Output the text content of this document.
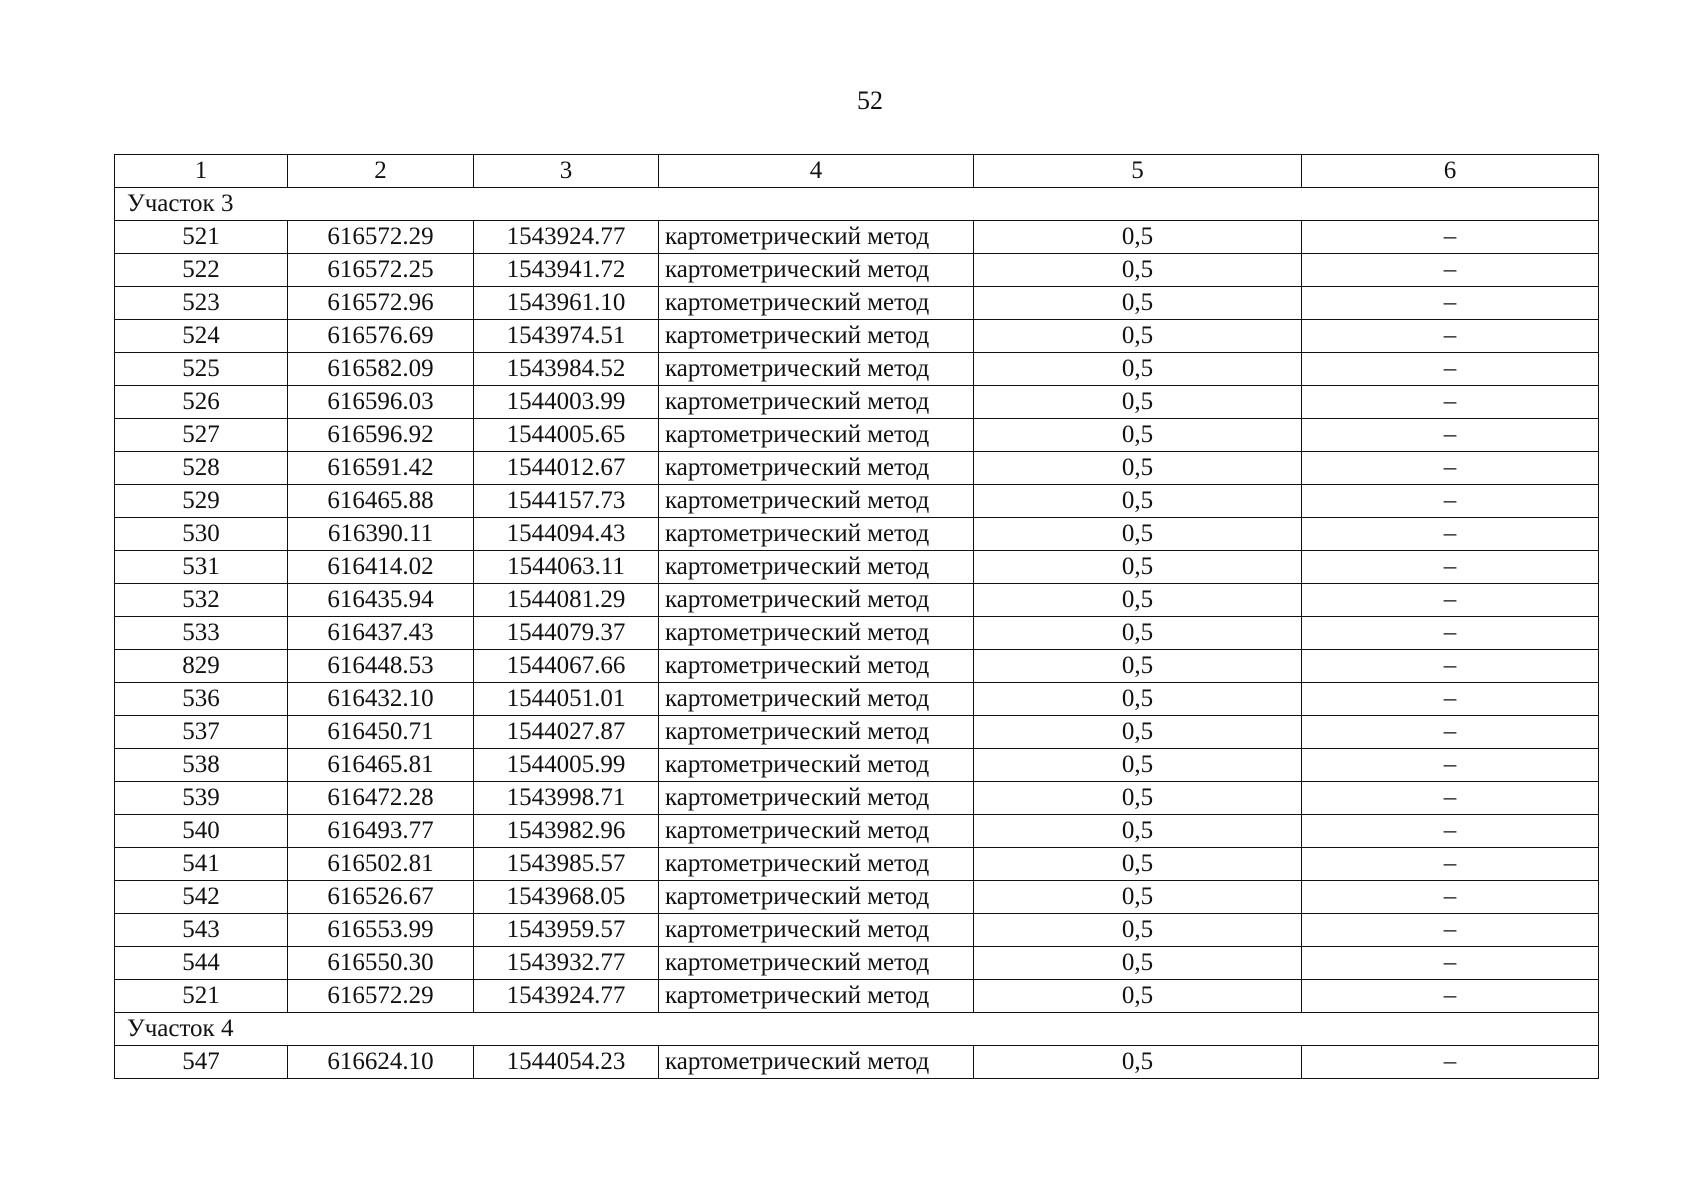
52
1	2	3	4	5	6
Участок 3					
521	616572.29	1543924.77	картометрический метод	0,5	–
522	616572.25	1543941.72	картометрический метод	0,5	–
523	616572.96	1543961.10	картометрический метод	0,5	–
524	616576.69	1543974.51	картометрический метод	0,5	–
525	616582.09	1543984.52	картометрический метод	0,5	–
526	616596.03	1544003.99	картометрический метод	0,5	–
527	616596.92	1544005.65	картометрический метод	0,5	–
528	616591.42	1544012.67	картометрический метод	0,5	–
529	616465.88	1544157.73	картометрический метод	0,5	–
530	616390.11	1544094.43	картометрический метод	0,5	–
531	616414.02	1544063.11	картометрический метод	0,5	–
532	616435.94	1544081.29	картометрический метод	0,5	–
533	616437.43	1544079.37	картометрический метод	0,5	–
829	616448.53	1544067.66	картометрический метод	0,5	–
536	616432.10	1544051.01	картометрический метод	0,5	–
537	616450.71	1544027.87	картометрический метод	0,5	–
538	616465.81	1544005.99	картометрический метод	0,5	–
539	616472.28	1543998.71	картометрический метод	0,5	–
540	616493.77	1543982.96	картометрический метод	0,5	–
541	616502.81	1543985.57	картометрический метод	0,5	–
542	616526.67	1543968.05	картометрический метод	0,5	–
543	616553.99	1543959.57	картометрический метод	0,5	–
544	616550.30	1543932.77	картометрический метод	0,5	–
521	616572.29	1543924.77	картометрический метод	0,5	–
Участок 4					
547	616624.10	1544054.23	картометрический метод	0,5	–
